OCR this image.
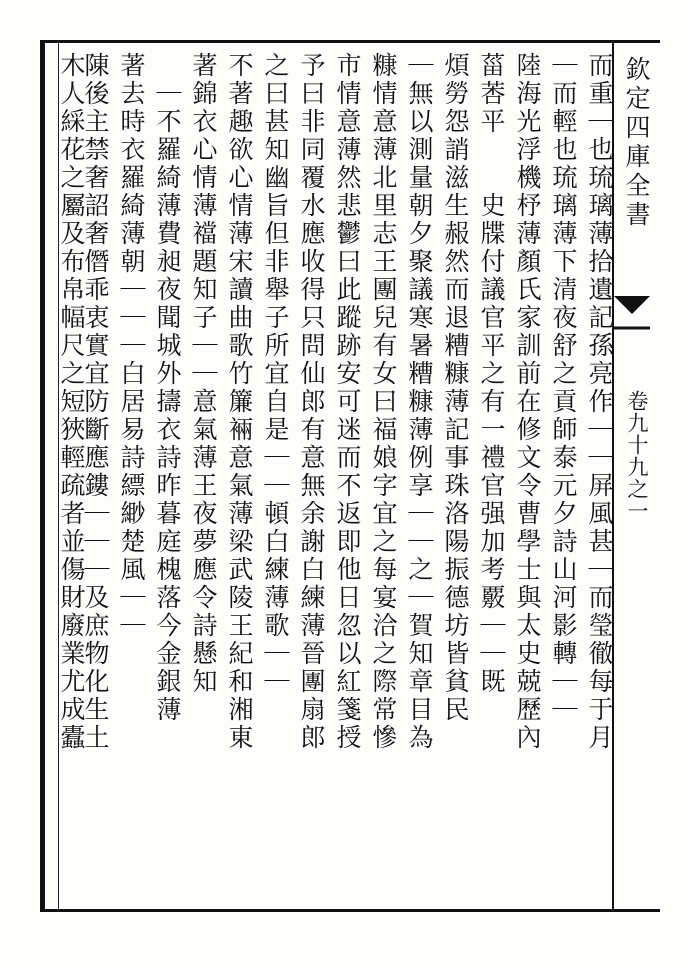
欽定四庫全書
卷九十九之一
而重｜也琉璃薄拾遺記孫亮作｜｜屏風甚｜而瑩徹每于月
｜而輕也琉璃薄下清夜舒之貢師泰元夕詩山河影轉｜｜
陸海光浮機杼薄顏氏家訓前在修文令曹學士與太史兢歷內
菑莕平　　史牒付議官平之有一禮官强加考覈｜｜既
煩勞怨誚滋生赧然而退糟糠薄記事珠洛陽振德坊皆貧民
｜無以測量朝夕聚議寒暑糟糠薄例享｜｜之｜賀知章目為
糠情意薄北里志王團兒有女曰福娘字宜之每宴洽之際常慘
市情意薄然悲鬱曰此蹤跡安可迷而不返即他日忽以紅箋授
予曰非同覆水應收得只問仙郎有意無余謝白練薄晉團扇郎
之曰甚知幽旨但非舉子所宜自是｜｜頓白練薄歌｜｜
不著趣欲心情薄宋讀曲歌竹簾裲意氣薄梁武陵王紀和湘東
著錦衣心情薄襠題知子｜｜意氣薄王夜夢應令詩懸知
　｜不羅綺薄費昶夜聞城外擣衣詩昨暮庭槐落今金銀薄
著去時衣羅綺薄朝｜｜｜白居易詩縹緲楚風｜｜
陳後主禁奢詔奢僭乖衷實宜防斷應鏤｜｜｜及庶物化生土
木人綵花之屬及布帛幅尺之短狹輕疏者並傷財廢業尤成蠹
